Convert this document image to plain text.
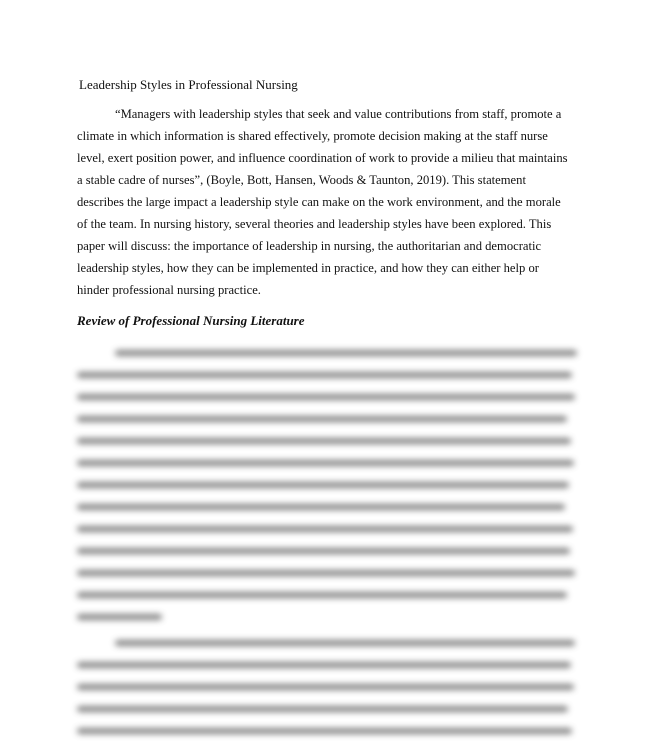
Leadership Styles in Professional Nursing
“Managers with leadership styles that seek and value contributions from staff, promote a
climate in which information is shared effectively, promote decision making at the staff nurse
level, exert position power, and influence coordination of work to provide a milieu that maintains
a stable cadre of nurses”, (Boyle, Bott, Hansen, Woods & Taunton, 2019). This statement
describes the large impact a leadership style can make on the work environment, and the morale
of the team. In nursing history, several theories and leadership styles have been explored. This
paper will discuss: the importance of leadership in nursing, the authoritarian and democratic
leadership styles, how they can be implemented in practice, and how they can either help or
hinder professional nursing practice.
Review of Professional Nursing Literature
